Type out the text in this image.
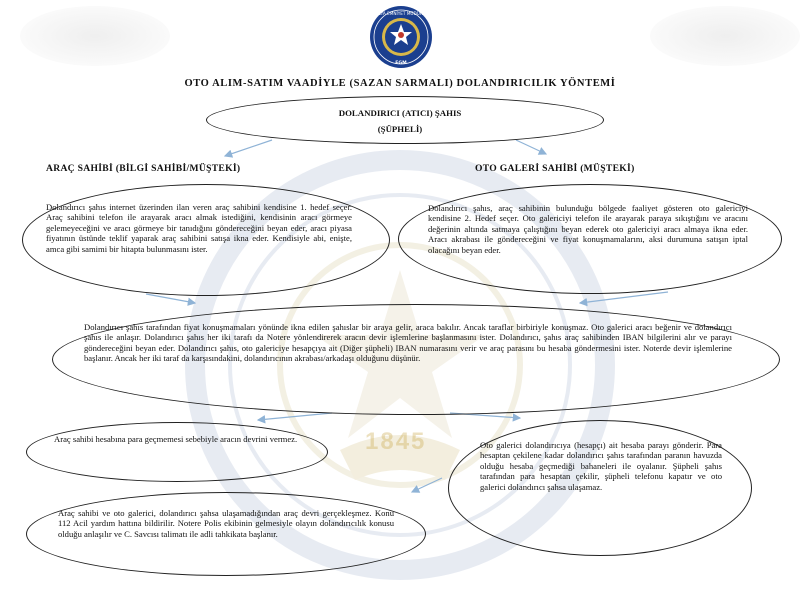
1845
ANTALYA EMNİYET MÜDÜRLÜĞÜ
EGM
OTO ALIM-SATIM VAADİYLE (SAZAN SARMALI) DOLANDIRICILIK YÖNTEMİ
DOLANDIRICI (ATICI) ŞAHIS
(ŞÜPHELİ)
ARAÇ SAHİBİ (BİLGİ SAHİBİ/MÜŞTEKİ)	OTO GALERİ SAHİBİ (MÜŞTEKİ)

Dolandırıcı şahıs internet üzerinden ilan veren araç sahibini kendisine 1. hedef seçer. Araç sahibini telefon ile arayarak aracı almak istediğini, kendisinin aracı görmeye gelemeyeceğini ve aracı görmeye bir tanıdığını göndereceğini beyan eder, aracı piyasa fiyatının üstünde teklif yaparak araç sahibini satışa ikna eder. Kendisiyle abi, enişte, amca gibi samimi bir hitapta bulunmasını ister.

Dolandırıcı şahıs, araç sahibinin bulunduğu bölgede faaliyet gösteren oto galericiyi kendisine 2. Hedef seçer. Oto galericiyi telefon ile arayarak paraya sıkıştığını ve aracını değerinin altında satmaya çalıştığını beyan ederek oto galericiyi aracı almaya ikna eder. Aracı akrabası ile göndereceğini ve fiyat konuşmamalarını, aksi durumuna satışın iptal olacağını beyan eder.

Dolandırıcı şahıs tarafından fiyat konuşmamaları yönünde ikna edilen şahıslar bir araya gelir, araca bakılır. Ancak taraflar birbiriyle konuşmaz. Oto galerici aracı beğenir ve dolandırıcı şahıs ile anlaşır. Dolandırıcı şahıs her iki tarafı da Notere yönlendirerek aracın devir işlemlerine başlanmasını ister. Dolandırıcı, şahıs araç sahibinden IBAN bilgilerini alır ve parayı göndereceğini beyan eder. Dolandırıcı şahıs, oto galericiye hesapçıya ait (Diğer şüpheli) IBAN numarasını verir ve araç parasını bu hesaba göndermesini ister. Noterde devir işlemlerine başlanır. Ancak her iki taraf da karşısındakini, dolandırıcının akrabası/arkadaşı olduğunu düşünür.

Araç sahibi hesabına para geçmemesi sebebiyle aracın devrini vermez.

Oto galerici dolandırıcıya (hesapçı) ait hesaba parayı gönderir. Para hesaptan çekilene kadar dolandırıcı şahıs tarafından paranın havuzda olduğu hesaba geçmediği bahaneleri ile oyalanır. Şüpheli şahıs tarafından para hesaptan çekilir, şüpheli telefonu kapatır ve oto galerici dolandırıcı şahsa ulaşamaz.

Araç sahibi ve oto galerici, dolandırıcı şahsa ulaşamadığından araç devri gerçekleşmez. Konu 112 Acil yardım hattına bildirilir. Notere Polis ekibinin gelmesiyle olayın dolandırıcılık konusu olduğu anlaşılır ve C. Savcısı talimatı ile adli tahkikata başlanır.
